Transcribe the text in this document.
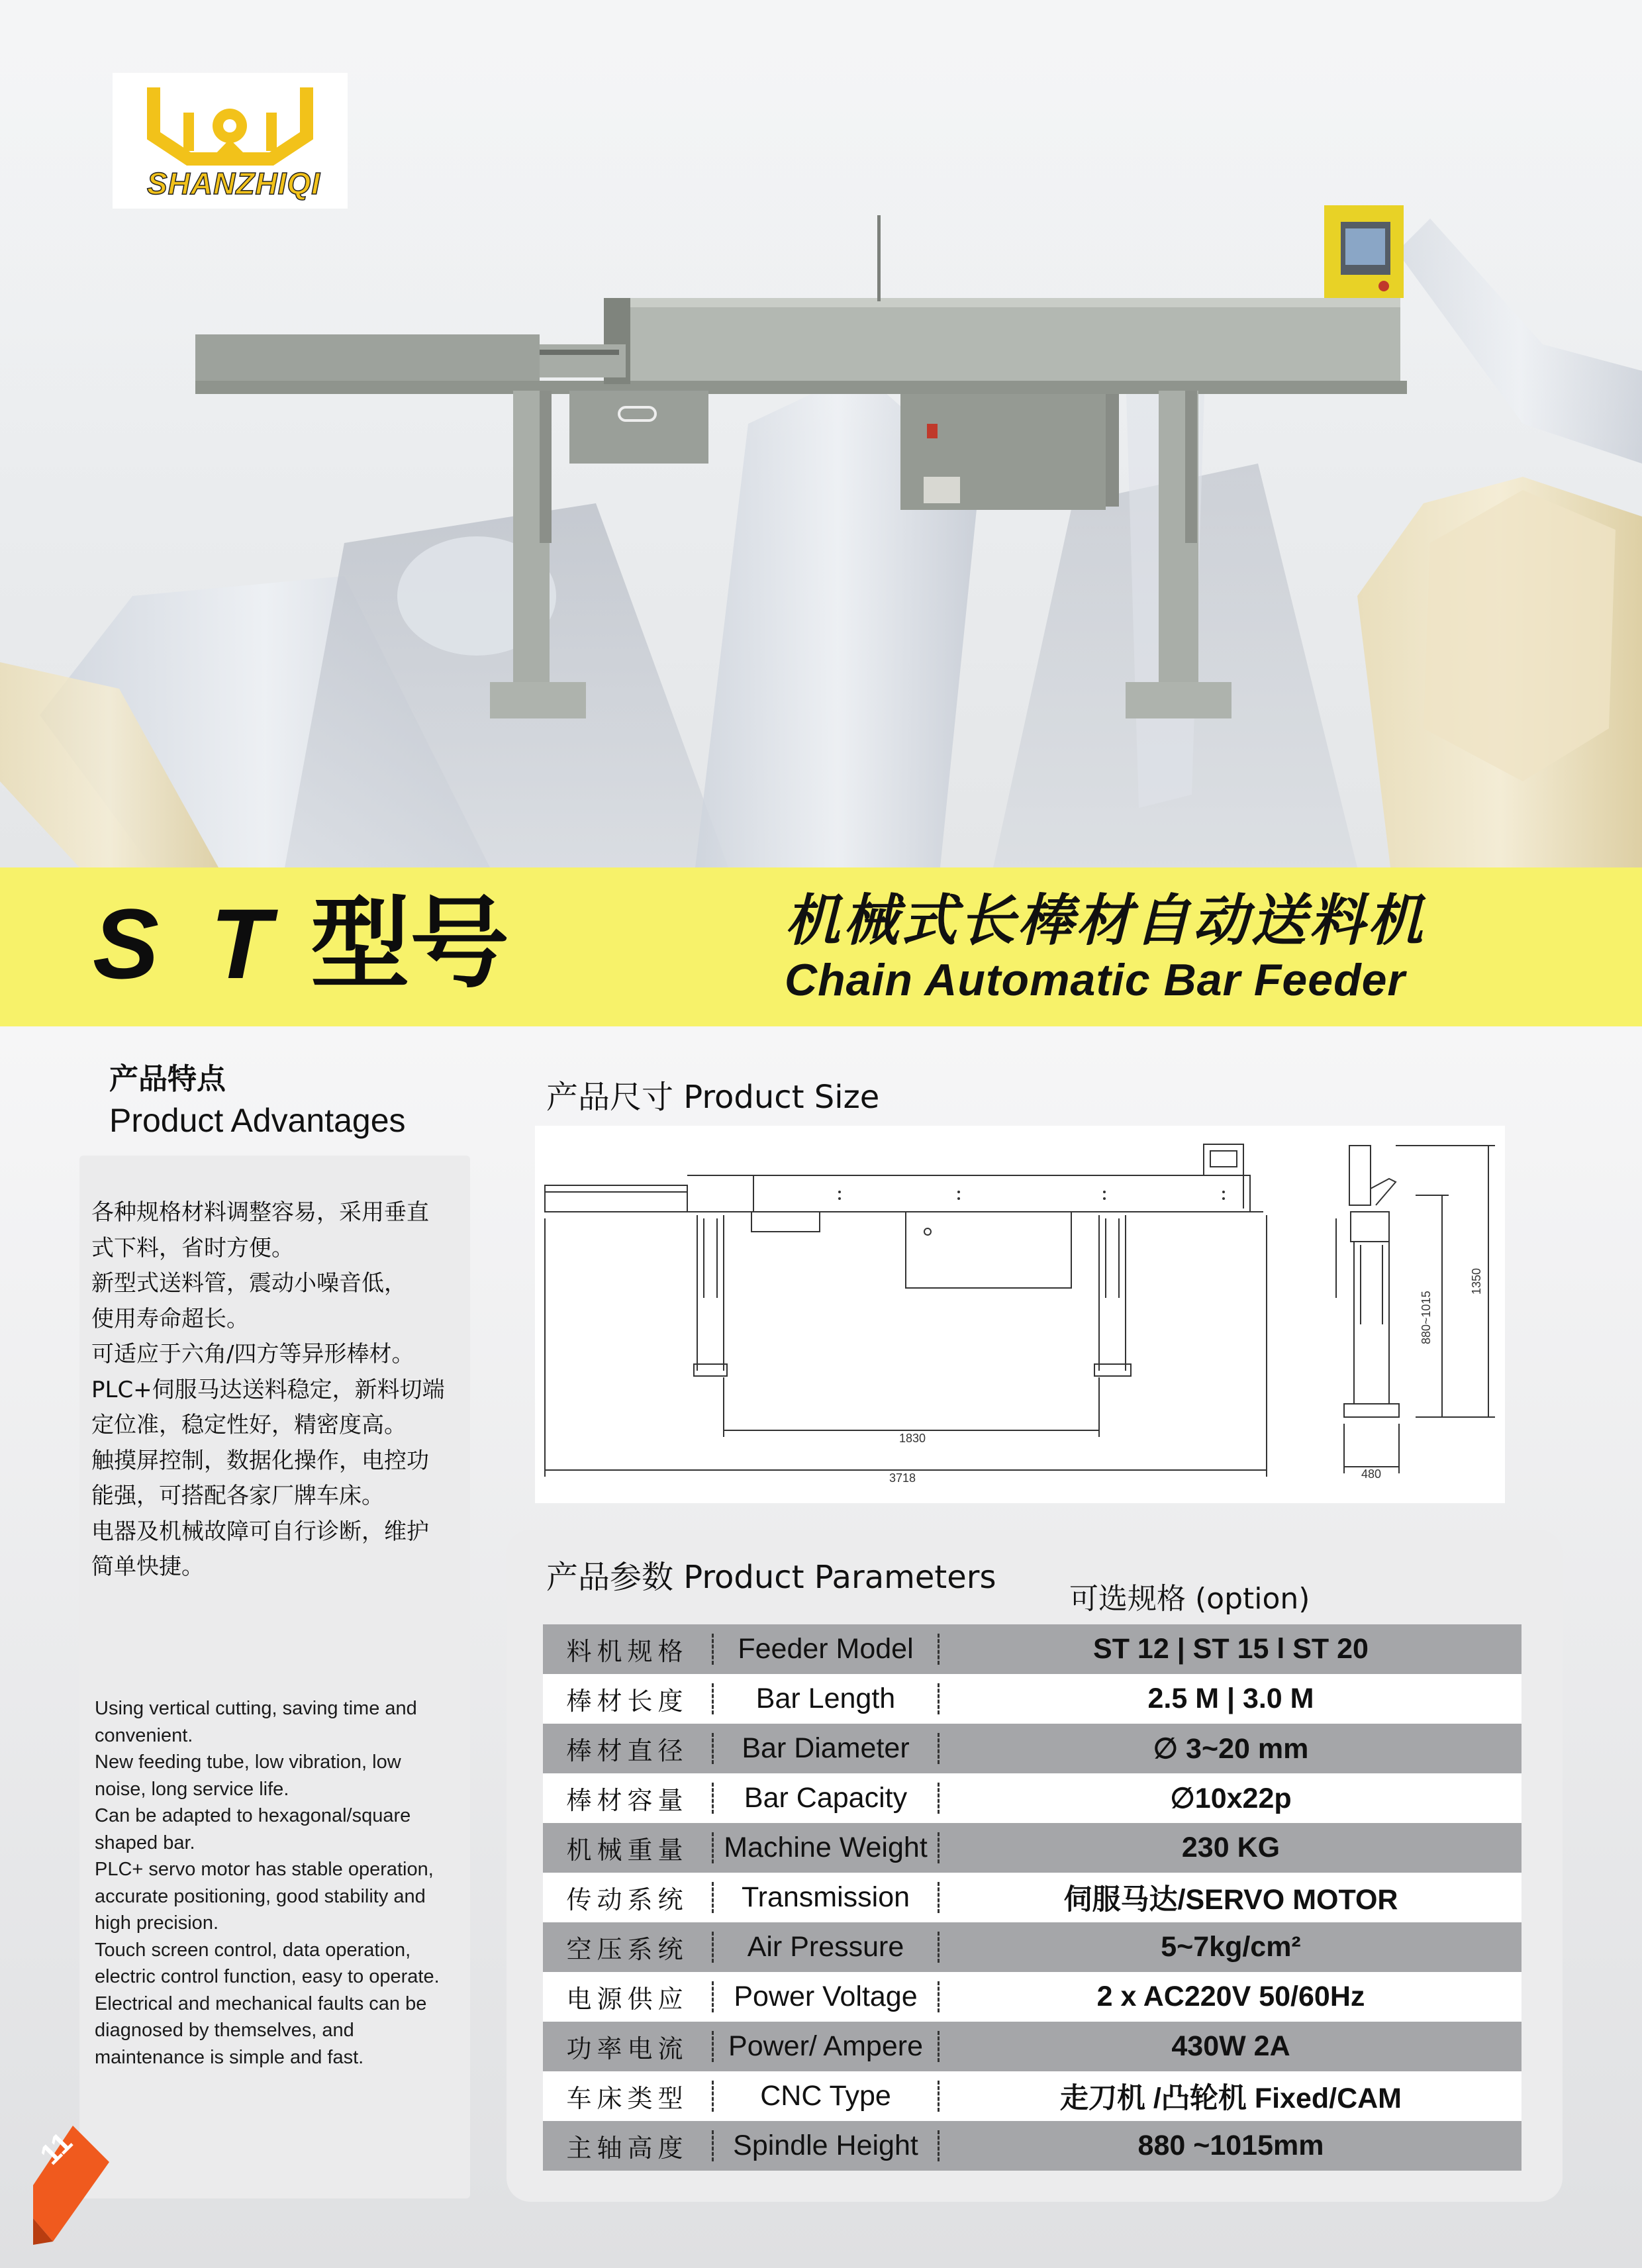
SHANZHIQI
S T 型号	机械式长棒材自动送料机
Chain Automatic Bar Feeder
产品特点
Product Advantages
各种规格材料调整容易，采用垂直
式下料，省时方便。
新型式送料管，震动小噪音低，
使用寿命超长。
可适应于六角/四方等异形棒材。
PLC+伺服马达送料稳定，新料切端
定位准，稳定性好，精密度高。
触摸屏控制，数据化操作，电控功
能强，可搭配各家厂牌车床。
电器及机械故障可自行诊断，维护
简单快捷。
Using vertical cutting, saving time and
convenient.
New feeding tube, low vibration, low
noise, long service life.
Can be adapted to hexagonal/square
shaped bar.
PLC+ servo motor has stable operation,
accurate positioning, good stability and
high precision.
Touch screen control, data operation,
electric control function, easy to operate.
Electrical and mechanical faults can be
diagnosed by themselves, and
maintenance is simple and fast.
11
产品尺寸 Product Size
1830
3718
880~1015
1350
480
产品参数 Product Parameters
可选规格 (option)
料机规格	Feeder Model	ST 12 | ST 15 l ST 20
棒材长度	Bar Length	2.5 M | 3.0 M
棒材直径	Bar Diameter	∅ 3~20 mm
棒材容量	Bar Capacity	∅10x22p
机械重量	Machine Weight	230 KG
传动系统	Transmission	伺服马达/SERVO MOTOR
空压系统	Air Pressure	5~7kg/cm²
电源供应	Power Voltage	2 x AC220V 50/60Hz
功率电流	Power/ Ampere	430W 2A
车床类型	CNC Type	走刀机 /凸轮机 Fixed/CAM
主轴高度	Spindle Height	880 ~1015mm
